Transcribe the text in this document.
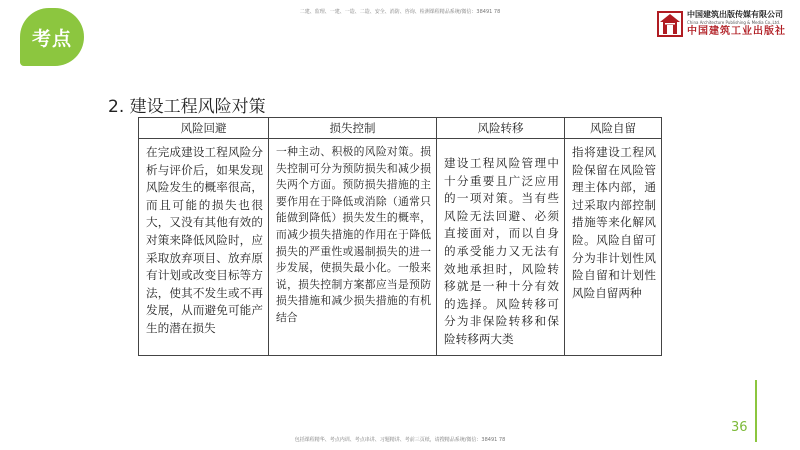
考点
二建、监理、一建、一造、二造、安全、消防、咨询、检测课程精品系统/微信：38491 78	中国建筑出版传媒有限公司
China Architecture Publishing & Media Co.,Ltd.
中国建筑工业出版社
2. 建设工程风险对策
风险回避	损失控制	风险转移	风险自留

在完成建设工程风险分析与评价后，如果发现风险发生的概率很高，而且可能的损失也很大，又没有其他有效的对策来降低风险时，应采取放弃项目、放弃原有计划或改变目标等方法，使其不发生或不再发展，从而避免可能产生的潜在损失	一种主动、积极的风险对策。损失控制可分为预防损失和减少损失两个方面。预防损失措施的主要作用在于降低或消除（通常只能做到降低）损失发生的概率，而减少损失措施的作用在于降低损失的严重性或遏制损失的进一步发展，使损失最小化。一般来说，损失控制方案都应当是预防损失措施和减少损失措施的有机结合	建设工程风险管理中十分重要且广泛应用的一项对策。当有些风险无法回避、必须直接面对，而以自身的承受能力又无法有效地承担时，风险转移就是一种十分有效的选择。风险转移可分为非保险转移和保险转移两大类	指将建设工程风险保留在风险管理主体内部，通过采取内部控制措施等来化解风险。风险自留可分为非计划性风险自留和计划性风险自留两种
36
包括课程精华、考点内训、考点串讲、习题精讲、考前三页纸，请搜精品系统/微信：38491 78
